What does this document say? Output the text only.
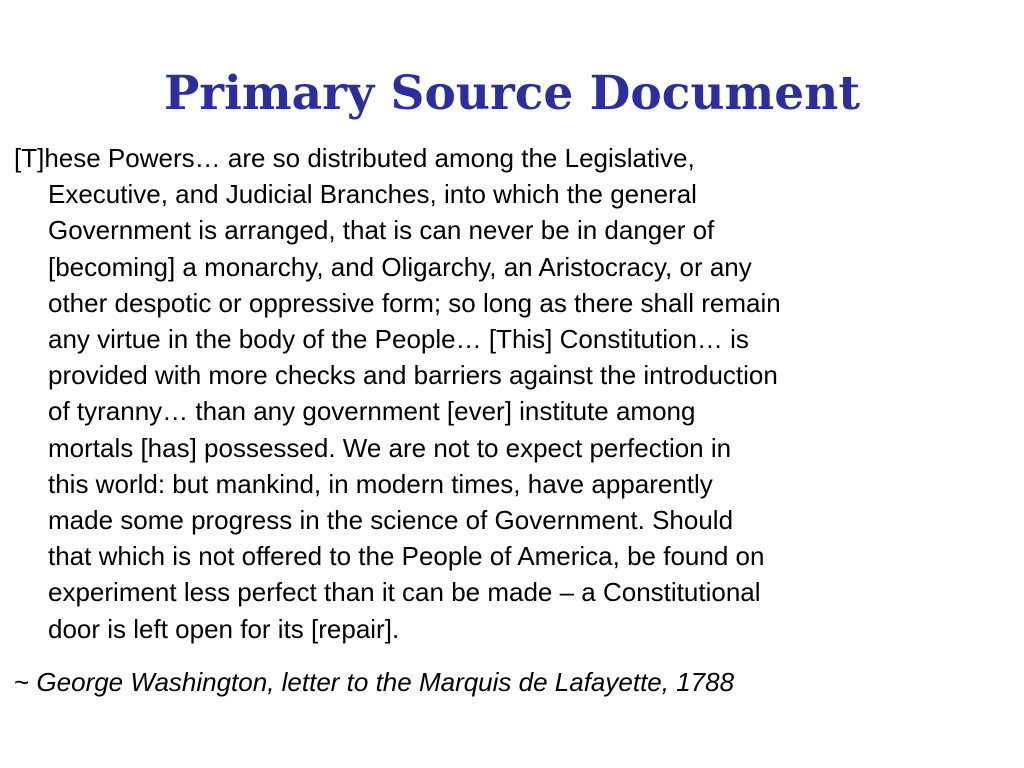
Primary Source Document
[T]hese Powers… are so distributed among the Legislative,
Executive, and Judicial Branches, into which the general
Government is arranged, that is can never be in danger of
[becoming] a monarchy, and Oligarchy, an Aristocracy, or any
other despotic or oppressive form; so long as there shall remain
any virtue in the body of the People… [This] Constitution… is
provided with more checks and barriers against the introduction
of tyranny… than any government [ever] institute among
mortals [has] possessed. We are not to expect perfection in
this world: but mankind, in modern times, have apparently
made some progress in the science of Government. Should
that which is not offered to the People of America, be found on
experiment less perfect than it can be made – a Constitutional
door is left open for its [repair].
~ George Washington, letter to the Marquis de Lafayette, 1788
